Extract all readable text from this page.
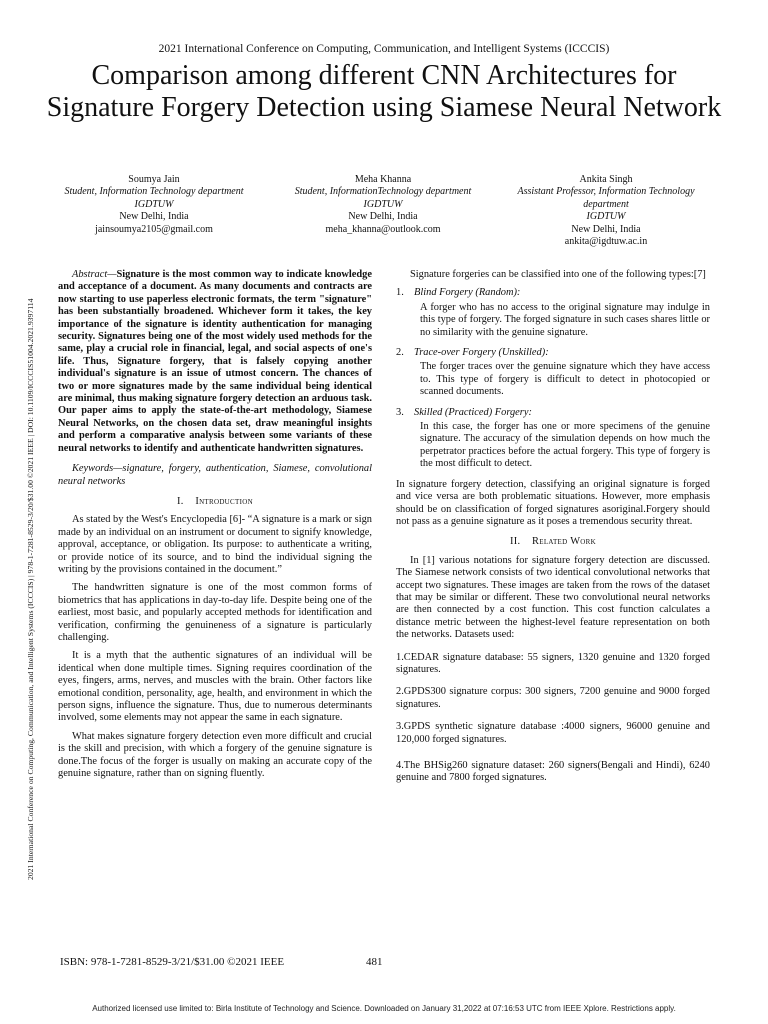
2021 International Conference on Computing, Communication, and Intelligent Systems (ICCCIS)
Comparison among different CNN Architectures for Signature Forgery Detection using Siamese Neural Network
Soumya Jain
Student, Information Technology department
IGDTUW
New Delhi, India
jainsoumya2105@gmail.com
Meha Khanna
Student, InformationTechnology department
IGDTUW
New Delhi, India
meha_khanna@outlook.com
Ankita Singh
Assistant Professor, Information Technology department
IGDTUW
New Delhi, India
ankita@igdtuw.ac.in
2021 International Conference on Computing, Communication, and Intelligent Systems (ICCCIS) | 978-1-7281-8529-3/20/$31.00 ©2021 IEEE | DOI: 10.1109/ICCCIS51004.2021.9397114

Abstract—Signature is the most common way to indicate knowledge and acceptance of a document. As many documents and contracts are now starting to use paperless electronic formats, the term "signature" has been substantially broadened. Whichever form it takes, the key importance of the signature is identity authentication for managing security. Signatures being one of the most widely used methods for the same, play a crucial role in financial, legal, and social aspects of one's life. Thus, Signature forgery, that is falsely copying another individual's signature is an issue of utmost concern. The chances of two or more signatures made by the same individual being identical are minimal, thus making signature forgery detection an arduous task. Our paper aims to apply the state-of-the-art methodology, Siamese Neural Networks, on the chosen data set, draw meaningful insights and perform a comparative analysis between some variants of these neural networks to identify and authenticate handwritten signatures.

Keywords—signature, forgery, authentication, Siamese, convolutional neural networks

I. Introduction

As stated by the West's Encyclopedia [6]- “A signature is a mark or sign made by an individual on an instrument or document to signify knowledge, approval, acceptance, or obligation. Its purpose: to authenticate a writing, or provide notice of its source, and to bind the individual signing the writing by the provisions contained in the document.”

The handwritten signature is one of the most common forms of biometrics that has applications in day-to-day life. Despite being one of the earliest, most basic, and popularly accepted methods for identification and verification, confirming the genuineness of a signature is particularly challenging.

It is a myth that the authentic signatures of an individual will be identical when done multiple times. Signing requires coordination of the eyes, fingers, arms, nerves, and muscles with the brain. Other factors like emotional condition, personality, age, health, and environment in which the person signs, influence the signature. Thus, due to numerous determinants involved, some elements may not appear the same in each signature.

What makes signature forgery detection even more difficult and crucial is the skill and precision, with which a forgery of the genuine signature is done.The focus of the forger is usually on making an accurate copy of the genuine signature, rather than on signing fluently.

Signature forgeries can be classified into one of the following types:[7]

1. Blind Forgery (Random):
A forger who has no access to the original signature may indulge in this type of forgery. The forged signature in such cases shares little or no similarity with the genuine signature.
2. Trace-over Forgery (Unskilled):
The forger traces over the genuine signature which they have access to. This type of forgery is difficult to detect in photocopied or scanned documents.
3. Skilled (Practiced) Forgery:
In this case, the forger has one or more specimens of the genuine signature. The accuracy of the simulation depends on how much the perpetrator practices before the actual forgery. This type of forgery is the most difficult to detect.

In signature forgery detection, classifying an original signature is forged and vice versa are both problematic situations. However, more emphasis should be on classification of forged signatures asoriginal.Forgery should not pass as a genuine signature as it poses a tremendous security threat.

II. Related Work

In [1] various notations for signature forgery detection are discussed. The Siamese network consists of two identical convolutional networks that accept two signatures. These images are taken from the rows of the dataset that may be similar or different. These two convolutional neural networks are then connected by a cost function. This cost function calculates a distance metric between the highest-level feature representation on both the networks. Datasets used:

1.CEDAR signature database: 55 signers, 1320 genuine and 1320 forged signatures.

2.GPDS300 signature corpus: 300 signers, 7200 genuine and 9000 forged signatures.

3.GPDS synthetic signature database :4000 signers, 96000 genuine and 120,000 forged signatures.

4.The BHSig260 signature dataset: 260 signers(Bengali and Hindi), 6240 genuine and 7800 forged signatures.

ISBN: 978-1-7281-8529-3/21/$31.00 ©2021 IEEE	481
Authorized licensed use limited to: Birla Institute of Technology and Science. Downloaded on January 31,2022 at 07:16:53 UTC from IEEE Xplore. Restrictions apply.
